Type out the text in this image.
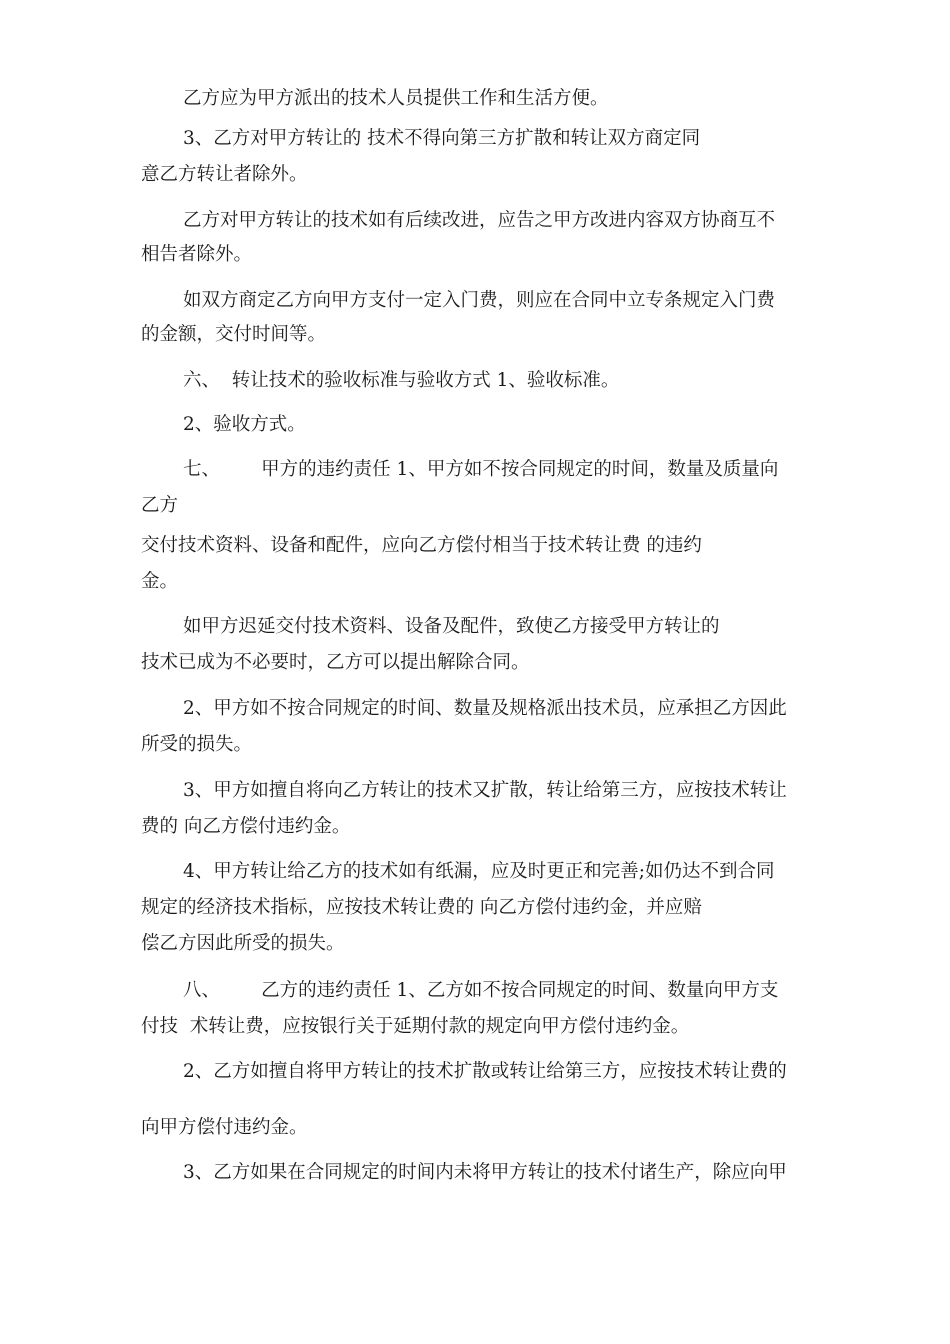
乙方应为甲方派出的技术人员提供工作和生活方便。

3、乙方对甲方转让的 技术不得向第三方扩散和转让双方商定同

意乙方转让者除外。

乙方对甲方转让的技术如有后续改进，应告之甲方改进内容双方协商互不

相告者除外。

如双方商定乙方向甲方支付一定入门费，则应在合同中立专条规定入门费

的金额，交付时间等。

六、  转让技术的验收标准与验收方式 1、验收标准。

2、验收方式。

七、       甲方的违约责任 1、甲方如不按合同规定的时间，数量及质量向

乙方

交付技术资料、设备和配件，应向乙方偿付相当于技术转让费 的违约

金。

如甲方迟延交付技术资料、设备及配件，致使乙方接受甲方转让的

技术已成为不必要时，乙方可以提出解除合同。

2、甲方如不按合同规定的时间、数量及规格派出技术员，应承担乙方因此

所受的损失。

3、甲方如擅自将向乙方转让的技术又扩散，转让给第三方，应按技术转让

费的 向乙方偿付违约金。

4、甲方转让给乙方的技术如有纸漏，应及时更正和完善;如仍达不到合同

规定的经济技术指标，应按技术转让费的 向乙方偿付违约金，并应赔

偿乙方因此所受的损失。

八、       乙方的违约责任 1、乙方如不按合同规定的时间、数量向甲方支

付技  术转让费，应按银行关于延期付款的规定向甲方偿付违约金。

2、乙方如擅自将甲方转让的技术扩散或转让给第三方，应按技术转让费的

向甲方偿付违约金。

3、乙方如果在合同规定的时间内未将甲方转让的技术付诸生产，除应向甲
